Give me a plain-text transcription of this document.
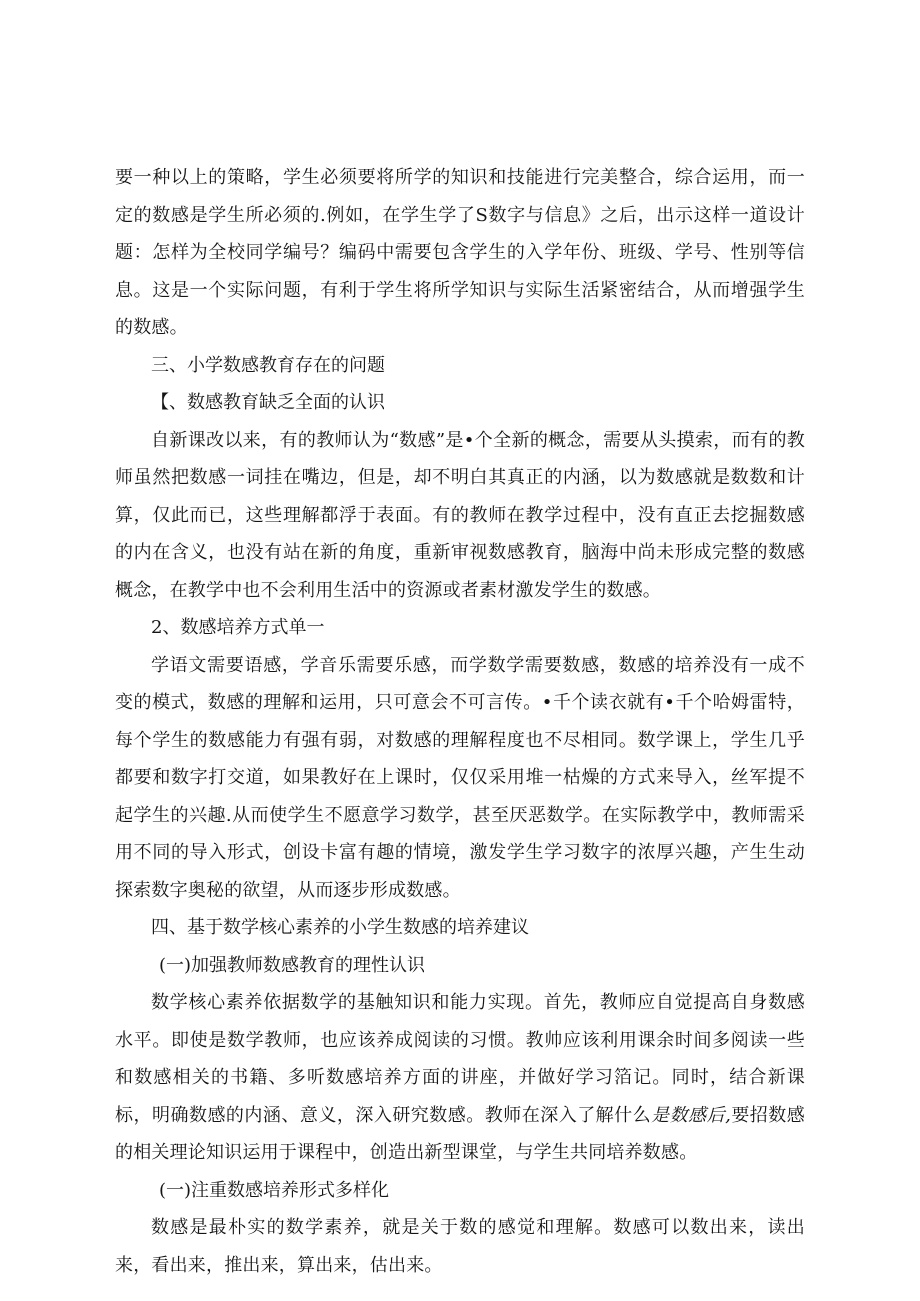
要一种以上的策略，学生必须要将所学的知识和技能进行完美整合，综合运用，而一定的数感是学生所必须的.例如，在学生学了S数字与信息》之后，出示这样一道设计题：怎样为全校同学编号？编码中需要包含学生的入学年份、班级、学号、性别等信息。这是一个实际问题，有利于学生将所学知识与实际生活紧密结合，从而增强学生的数感。

三、小学数感教育存在的问题

【、数感教育缺乏全面的认识

自新课改以来，有的教师认为“数感”是•个全新的概念，需要从头摸索，而有的教师虽然把数感一词挂在嘴边，但是，却不明白其真正的内涵，以为数感就是数数和计算，仅此而已，这些理解都浮于表面。有的教师在教学过程中，没有直正去挖掘数感的内在含义，也没有站在新的角度，重新审视数感教育，脑海中尚未形成完整的数感概念，在教学中也不会利用生活中的资源或者素材激发学生的数感。

2、数感培养方式单一

学语文需要语感，学音乐需要乐感，而学数学需要数感，数感的培养没有一成不变的模式，数感的理解和运用，只可意会不可言传。•千个读衣就有•千个哈姆雷特，每个学生的数感能力有强有弱，对数感的理解程度也不尽相同。数学课上，学生几乎都要和数字打交道，如果教好在上课时，仅仅采用堆一枯燥的方式来导入，丝军提不起学生的兴趣.从而使学生不愿意学习数学，甚至厌恶数学。在实际教学中，教师需采用不同的导入形式，创设卡富有趣的情境，激发学生学习数字的浓厚兴趣，产生生动探索数字奥秘的欲望，从而逐步形成数感。

四、基于数学核心素养的小学生数感的培养建议

(一)加强教师数感教育的理性认识

数学核心素养依据数学的基触知识和能力实现。首先，教师应自觉提高自身数感水平。即使是数学教师，也应该养成阅读的习惯。教帅应该利用课余时间多阅读一些和数感相关的书籍、多听数感培养方面的讲座，并做好学习箔记。同时，结合新课标，明确数感的内涵、意义，深入研究数感。教师在深入了解什么是数感后,要招数感的相关理论知识运用于课程中，创造出新型课堂，与学生共同培养数感。

(一)注重数感培养形式多样化

数感是最朴实的数学素养，就是关于数的感觉和理解。数感可以数出来，读出来，看出来，推出来，算出来，估出来。
